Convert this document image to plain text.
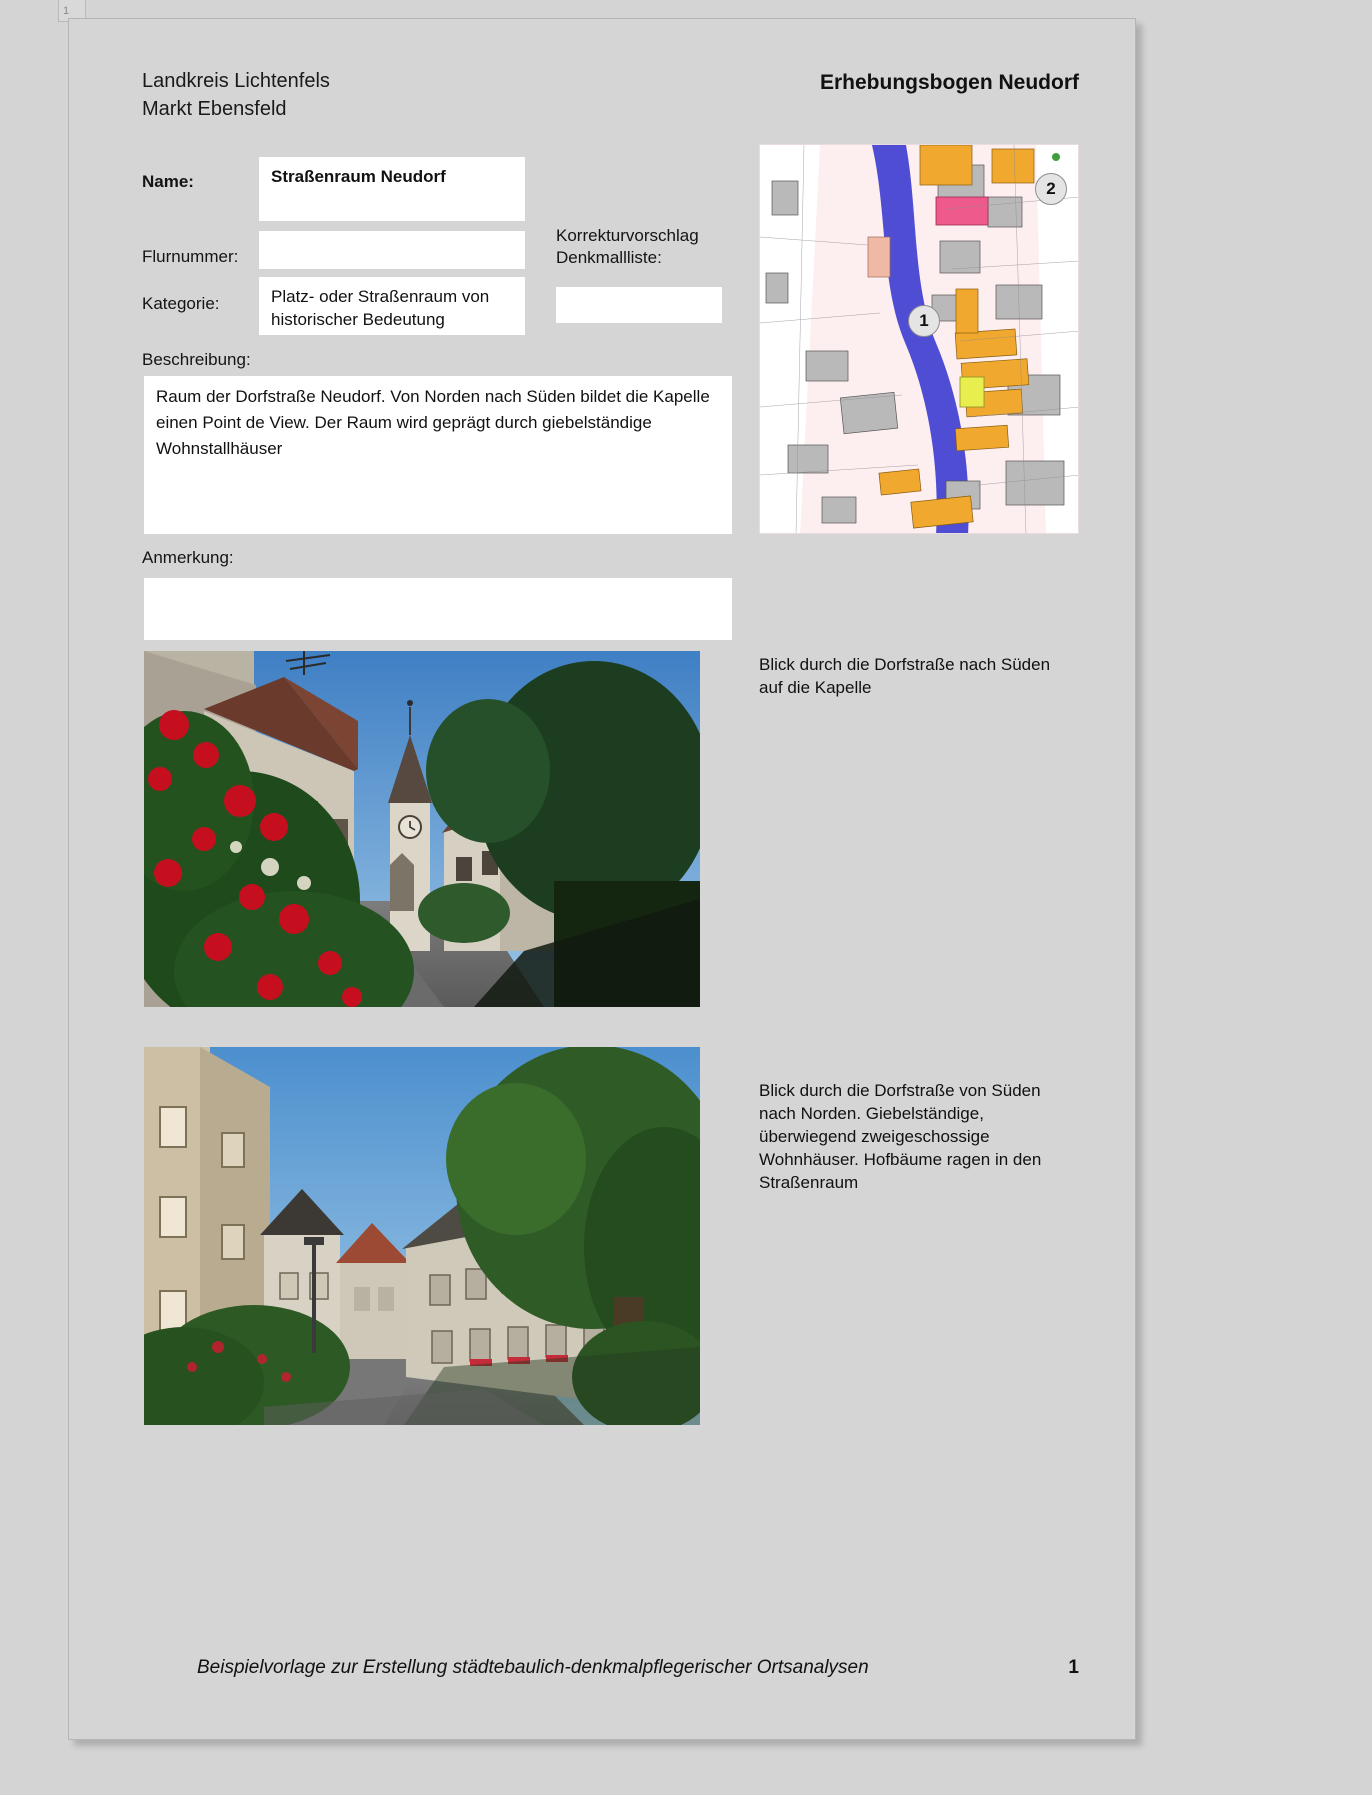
1
Landkreis Lichtenfels
Markt Ebensfeld
Erhebungsbogen Neudorf
Name:	Straßenraum Neudorf
Flurnummer:
Kategorie:	Platz- oder Straßenraum von historischer Bedeutung
Korrekturvorschlag Denkmallliste:
Beschreibung:
Raum der Dorfstraße Neudorf. Von Norden nach Süden bildet die Kapelle einen Point de View. Der Raum wird geprägt durch giebelständige Wohnstallhäuser
Anmerkung:
1
2
Blick durch die Dorfstraße nach Süden auf die Kapelle
Blick durch die Dorfstraße von Süden nach Norden. Giebelständige, überwiegend zweigeschossige Wohnhäuser. Hofbäume ragen in den Straßenraum
Beispielvorlage zur Erstellung städtebaulich-denkmalpflegerischer Ortsanalysen	1
